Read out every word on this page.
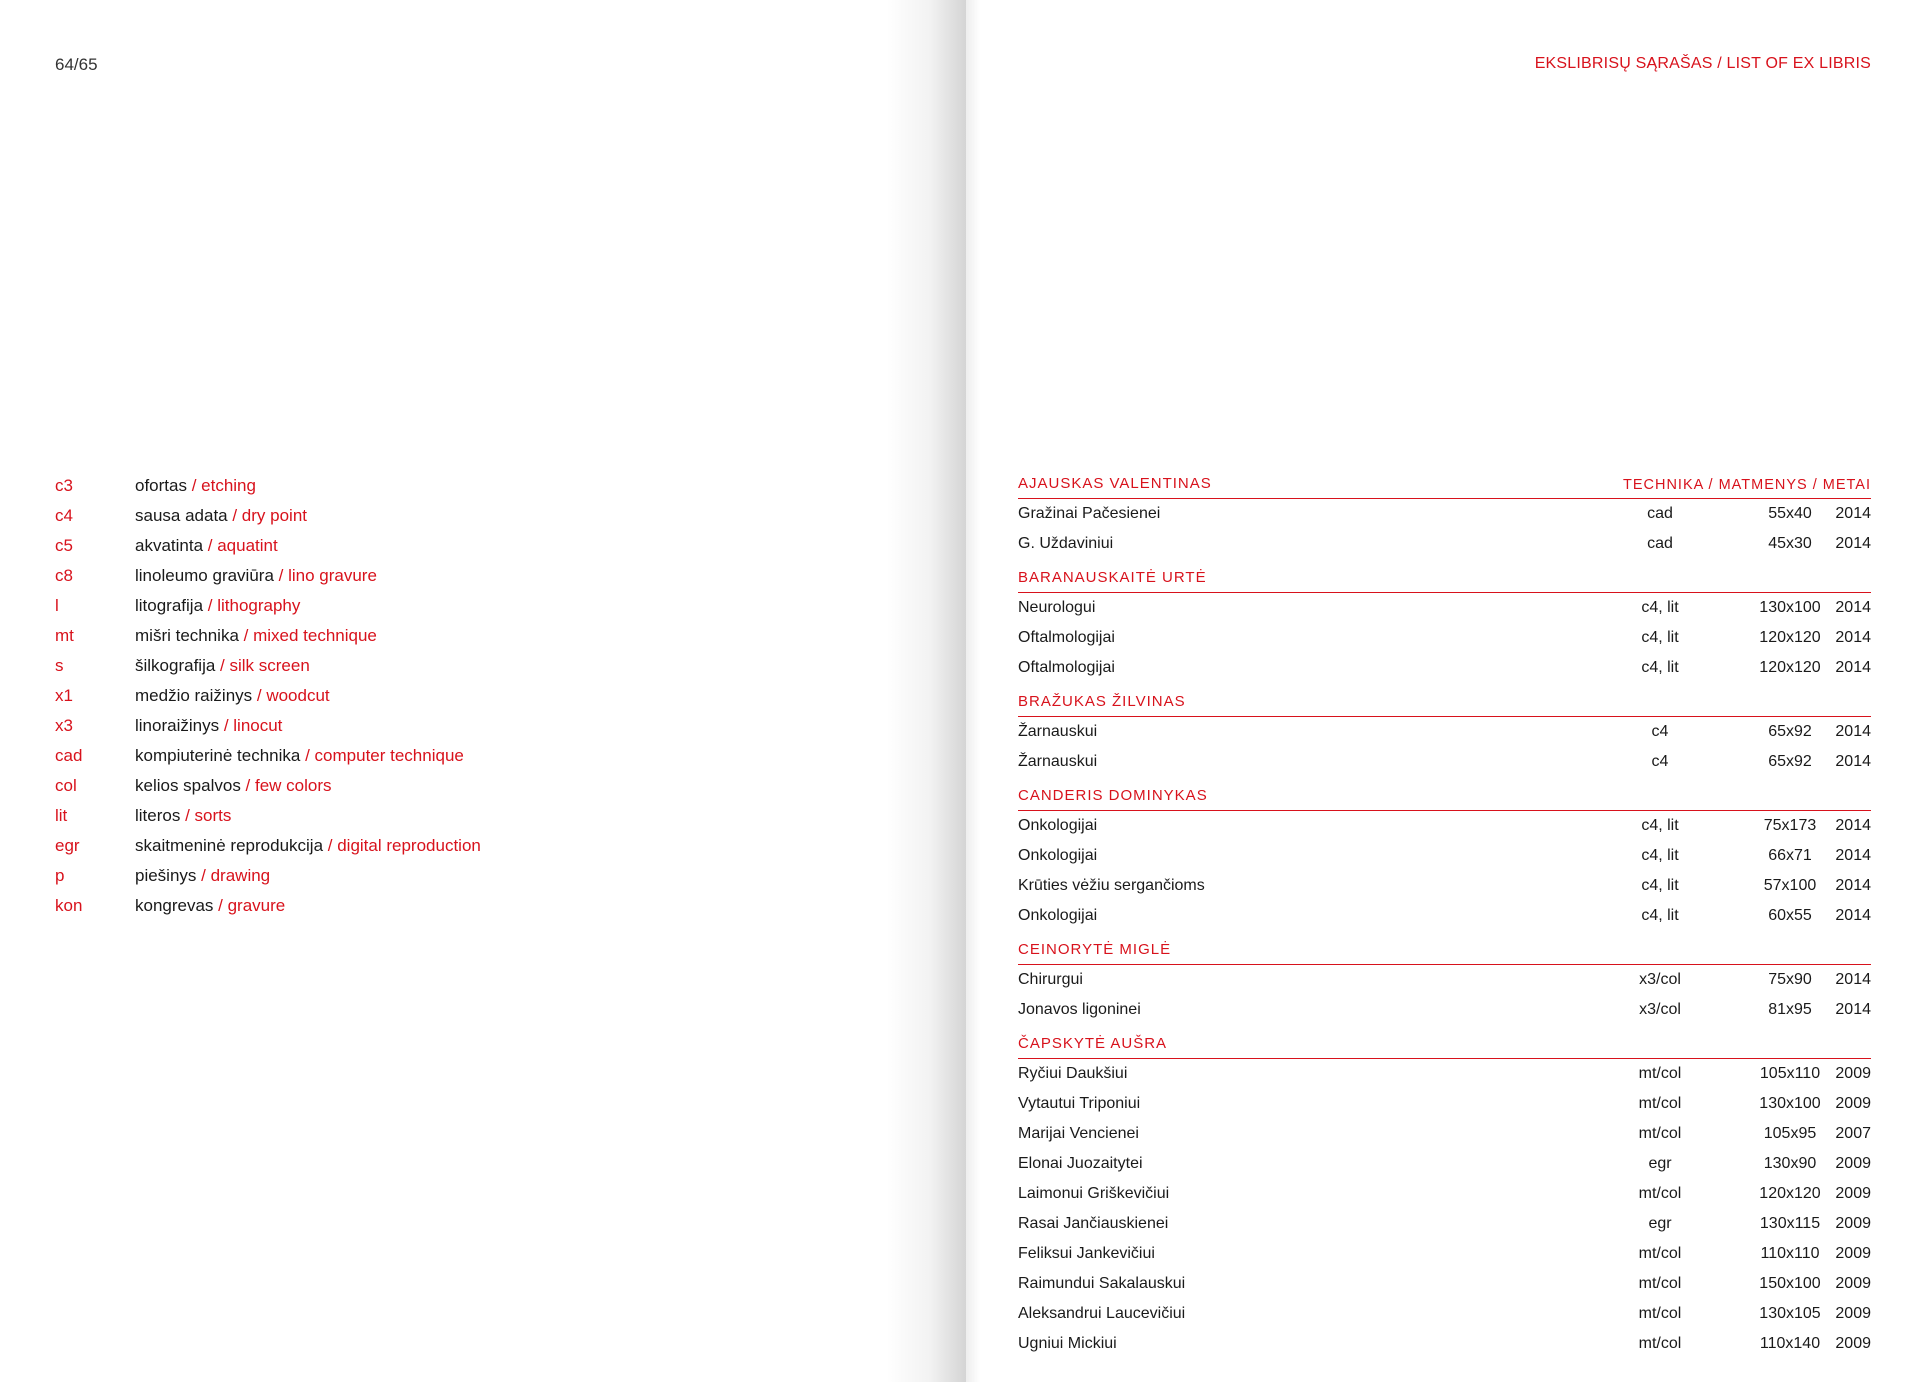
64/65
c3	ofortas / etching
c4	sausa adata / dry point
c5	akvatinta / aquatint
c8	linoleumo graviūra / lino gravure
l	litografija / lithography
mt	mišri technika / mixed technique
s	šilkografija / silk screen
x1	medžio raižinys / woodcut
x3	linoraižinys / linocut
cad	kompiuterinė technika / computer technique
col	kelios spalvos / few colors
lit	literos / sorts
egr	skaitmeninė reprodukcija / digital reproduction
p	piešinys / drawing
kon	kongrevas / gravure
EKSLIBRISŲ SĄRAŠAS / LIST OF EX LIBRIS
AJAUSKAS VALENTINAS	TECHNIKA / MATMENYS / METAI
Gražinai Pačesienei	cad	55x40	2014
G. Uždaviniui	cad	45x30	2014
BARANAUSKAITĖ URTĖ
Neurologui	c4, lit	130x100 2014
Oftalmologijai	c4, lit	120x120 2014
Oftalmologijai	c4, lit	120x120 2014
BRAŽUKAS ŽILVINAS
Žarnauskui	c4	65x92	2014
Žarnauskui	c4	65x92	2014
CANDERIS DOMINYKAS
Onkologijai	c4, lit	75x173	2014
Onkologijai	c4, lit	66x71	2014
Krūties vėžiu sergančioms	c4, lit	57x100	2014
Onkologijai	c4, lit	60x55	2014
CEINORYTĖ MIGLĖ
Chirurgui	x3/col	75x90	2014
Jonavos ligoninei	x3/col	81x95	2014
ČAPSKYTĖ AUŠRA
Ryčiui Daukšiui	mt/col	105x110 2009
Vytautui Triponiui	mt/col	130x100 2009
Marijai Vencienei	mt/col	105x95	2007
Elonai Juozaitytei	egr	130x90	2009
Laimonui Griškevičiui	mt/col	120x120 2009
Rasai Jančiauskienei	egr	130x115 2009
Feliksui Jankevičiui	mt/col	110x110 2009
Raimundui Sakalauskui	mt/col	150x100 2009
Aleksandrui Laucevičiui	mt/col	130x105 2009
Ugniui Mickiui	mt/col	110x140 2009
